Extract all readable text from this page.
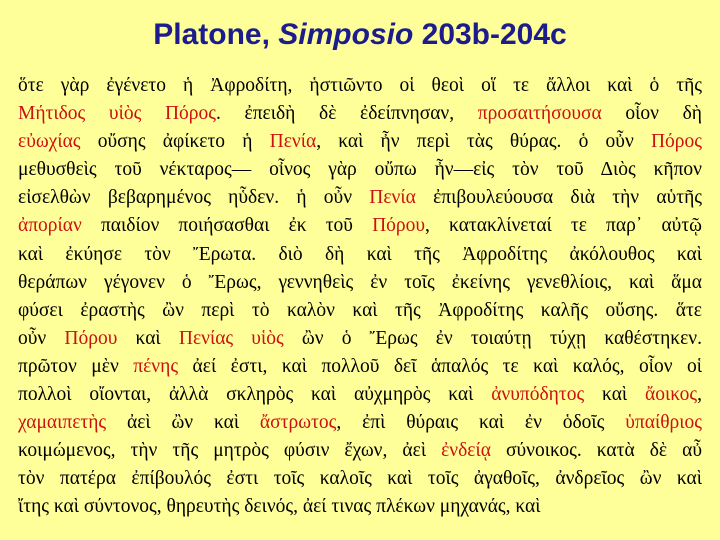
Platone, Simposio 203b-204c
ὅτε γὰρ ἐγένετο ἡ Ἀφροδίτη, ἡστιῶντο οἱ θεοὶ οἵ τε ἄλλοι καὶ ὁ τῆς
Μήτιδος υἱὸς Πόρος. ἐπειδὴ δὲ ἐδείπνησαν, προσαιτήσουσα οἷον δὴ
εὐωχίας οὔσης ἀφίκετο ἡ Πενία, καὶ ἦν περὶ τὰς θύρας. ὁ οὖν Πόρος
μεθυσθεὶς τοῦ νέκταρος— οἶνος γὰρ οὔπω ἦν—εἰς τὸν τοῦ Διὸς κῆπον
εἰσελθὼν βεβαρημένος ηὗδεν. ἡ οὖν Πενία ἐπιβουλεύουσα διὰ τὴν αὑτῆς
ἀπορίαν παιδίον ποιήσασθαι ἐκ τοῦ Πόρου, κατακλίνεταί τε παρ᾽ αὐτῷ
καὶ ἐκύησε τὸν Ἔρωτα. διὸ δὴ καὶ τῆς Ἀφροδίτης ἀκόλουθος καὶ
θεράπων γέγονεν ὁ Ἔρως, γεννηθεὶς ἐν τοῖς ἐκείνης γενεθλίοις, καὶ ἅμα
φύσει ἐραστὴς ὢν περὶ τὸ καλὸν καὶ τῆς Ἀφροδίτης καλῆς οὔσης. ἅτε
οὖν Πόρου καὶ Πενίας υἱὸς ὢν ὁ Ἔρως ἐν τοιαύτῃ τύχῃ καθέστηκεν.
πρῶτον μὲν πένης ἀεί ἐστι, καὶ πολλοῦ δεῖ ἁπαλός τε καὶ καλός, οἷον οἱ
πολλοὶ οἴονται, ἀλλὰ σκληρὸς καὶ αὐχμηρὸς καὶ ἀνυπόδητος καὶ ἄοικος,
χαμαιπετὴς ἀεὶ ὢν καὶ ἄστρωτος, ἐπὶ θύραις καὶ ἐν ὁδοῖς ὑπαίθριος
κοιμώμενος, τὴν τῆς μητρὸς φύσιν ἔχων, ἀεὶ ἐνδείᾳ σύνοικος. κατὰ δὲ αὖ
τὸν πατέρα ἐπίβουλός ἐστι τοῖς καλοῖς καὶ τοῖς ἀγαθοῖς, ἀνδρεῖος ὢν καὶ
ἴτης καὶ σύντονος, θηρευτὴς δεινός, ἀεί τινας πλέκων μηχανάς, καὶ
